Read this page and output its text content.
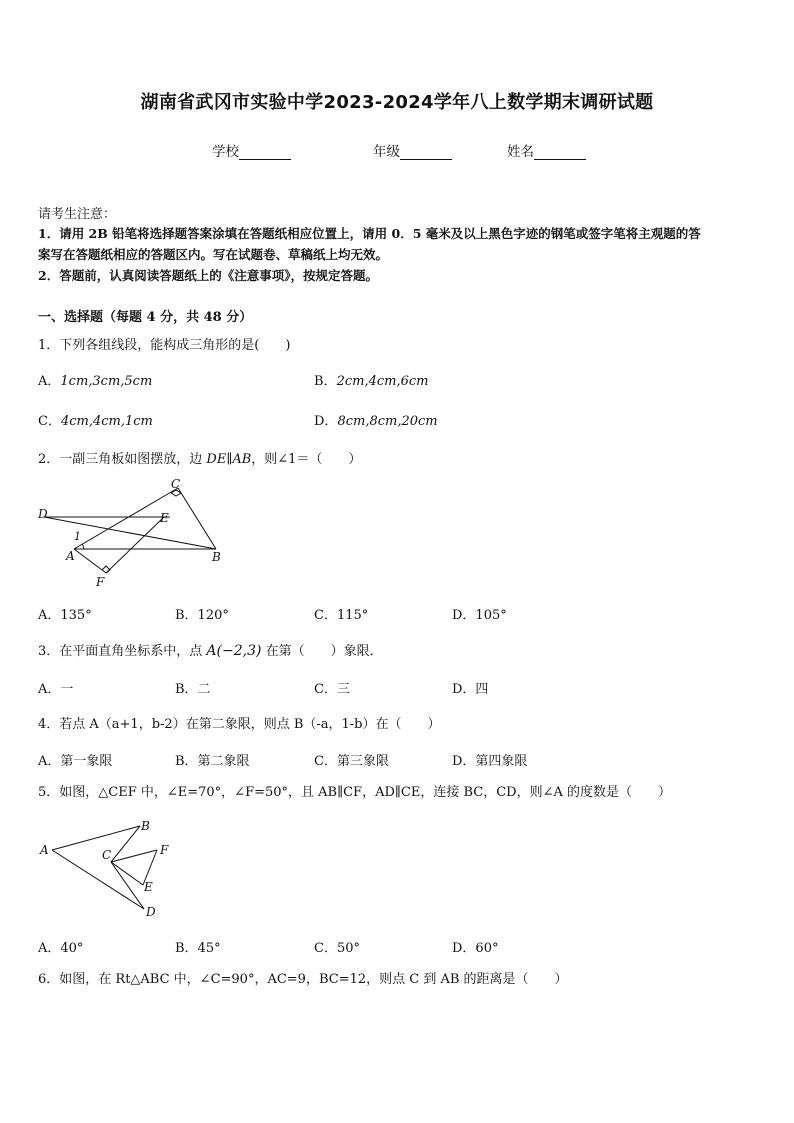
湖南省武冈市实验中学2023-2024学年八上数学期末调研试题
学校	年级	姓名
请考生注意：
1．请用 2B 铅笔将选择题答案涂填在答题纸相应位置上，请用 0．5 毫米及以上黑色字迹的钢笔或签字笔将主观题的答
案写在答题纸相应的答题区内。写在试题卷、草稿纸上均无效。
2．答题前，认真阅读答题纸上的《注意事项》，按规定答题。
一、选择题（每题 4 分，共 48 分）
1．下列各组线段，能构成三角形的是(　　)
A．1cm,3cm,5cm	B．2cm,4cm,6cm
C．4cm,4cm,1cm	D．8cm,8cm,20cm
2．一副三角板如图摆放，边 DE∥AB，则∠1＝（　　）
C
D	E
1
A	B
F
A．135°	B．120°	C．115°	D．105°
3．在平面直角坐标系中，点 A(−2,3) 在第（　　）象限．
A．一	B．二	C．三	D．四
4．若点 A（a+1，b-2）在第二象限，则点 B（-a，1-b）在（　　）
A．第一象限	B．第二象限	C．第三象限	D．第四象限
5．如图，△CEF 中，∠E=70°，∠F=50°，且 AB∥CF，AD∥CE，连接 BC，CD，则∠A 的度数是（　　）
A
B
C	F
E
D
A．40°	B．45°	C．50°	D．60°
6．如图，在 Rt△ABC 中，∠C=90°，AC=9，BC=12，则点 C 到 AB 的距离是（　　）
